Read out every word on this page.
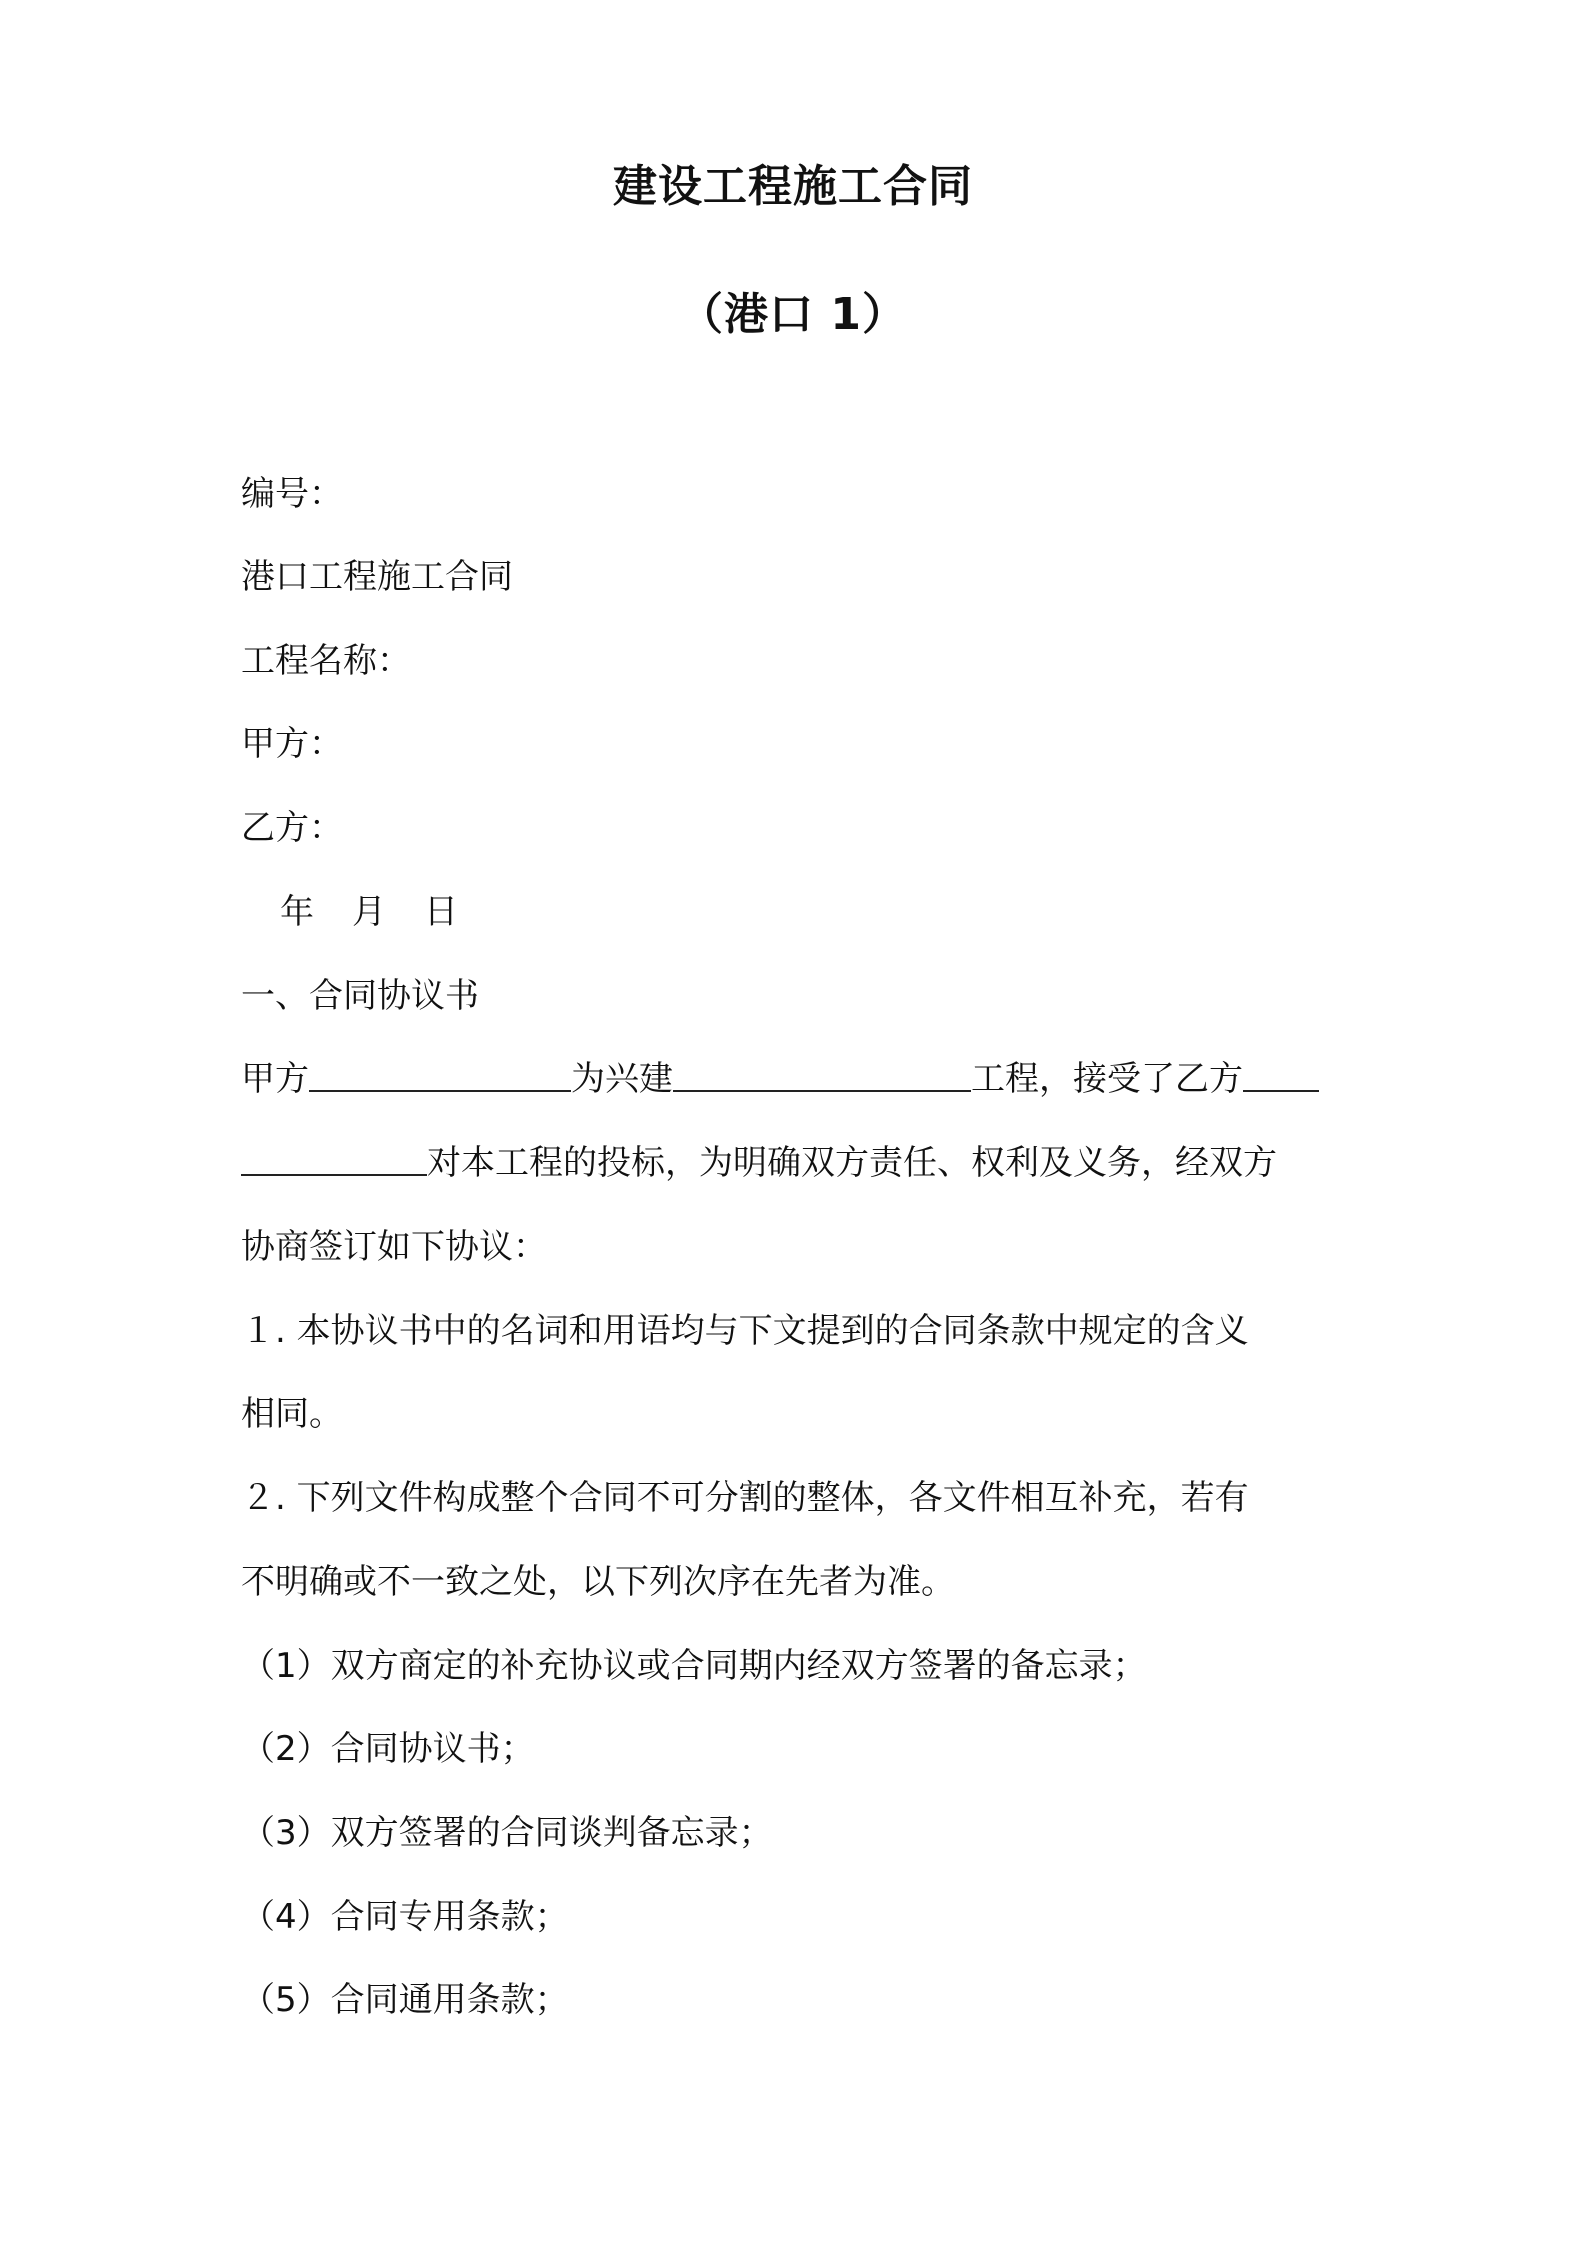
建设工程施工合同
（港口 1）
编号：
港口工程施工合同
工程名称：
甲方：
乙方：
年 月 日
一、合同协议书
甲方	为兴建	工程，接受了乙方
对本工程的投标，为明确双方责任、权利及义务，经双方
协商签订如下协议：
１. 本协议书中的名词和用语均与下文提到的合同条款中规定的含义
相同。
２. 下列文件构成整个合同不可分割的整体，各文件相互补充，若有
不明确或不一致之处，以下列次序在先者为准。
（1）双方商定的补充协议或合同期内经双方签署的备忘录；
（2）合同协议书；
（3）双方签署的合同谈判备忘录；
（4）合同专用条款；
（5）合同通用条款；
